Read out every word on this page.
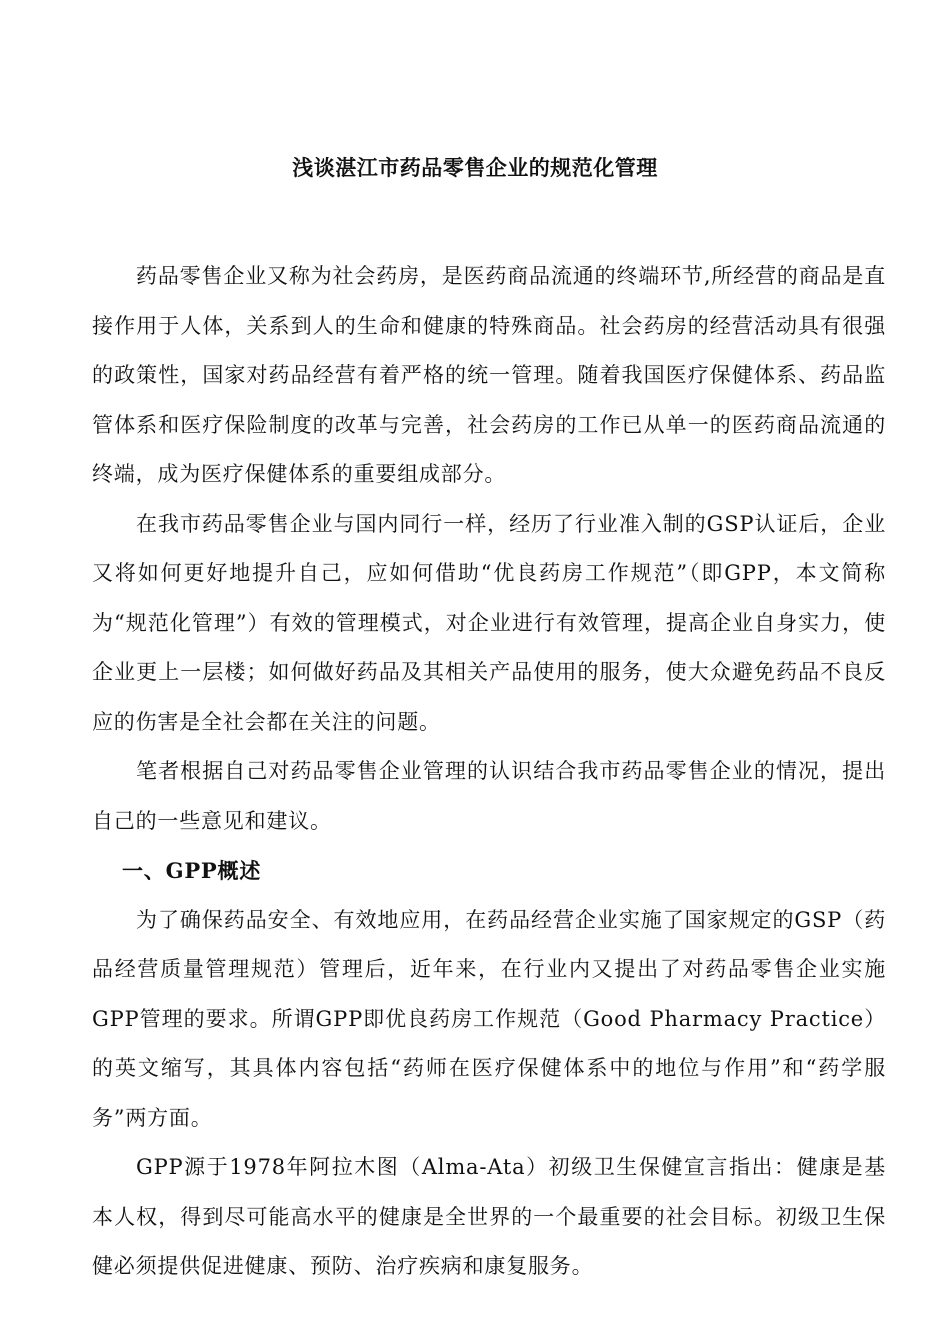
浅谈湛江市药品零售企业的规范化管理

药品零售企业又称为社会药房，是医药商品流通的终端环节,所经营的商品是直接作用于人体，关系到人的生命和健康的特殊商品。社会药房的经营活动具有很强的政策性，国家对药品经营有着严格的统一管理。随着我国医疗保健体系、药品监管体系和医疗保险制度的改革与完善，社会药房的工作已从单一的医药商品流通的终端，成为医疗保健体系的重要组成部分。

在我市药品零售企业与国内同行一样，经历了行业准入制的GSP认证后，企业又将如何更好地提升自己，应如何借助“优良药房工作规范”（即GPP，本文简称为“规范化管理”）有效的管理模式，对企业进行有效管理，提高企业自身实力，使企业更上一层楼；如何做好药品及其相关产品使用的服务，使大众避免药品不良反应的伤害是全社会都在关注的问题。

笔者根据自己对药品零售企业管理的认识结合我市药品零售企业的情况，提出自己的一些意见和建议。

一、GPP概述

为了确保药品安全、有效地应用，在药品经营企业实施了国家规定的GSP（药品经营质量管理规范）管理后，近年来，在行业内又提出了对药品零售企业实施GPP管理的要求。所谓GPP即优良药房工作规范（Good Pharmacy Practice）的英文缩写，其具体内容包括“药师在医疗保健体系中的地位与作用”和“药学服务”两方面。

GPP源于1978年阿拉木图（Alma-Ata）初级卫生保健宣言指出：健康是基本人权，得到尽可能高水平的健康是全世界的一个最重要的社会目标。初级卫生保健必须提供促进健康、预防、治疗疾病和康复服务。
